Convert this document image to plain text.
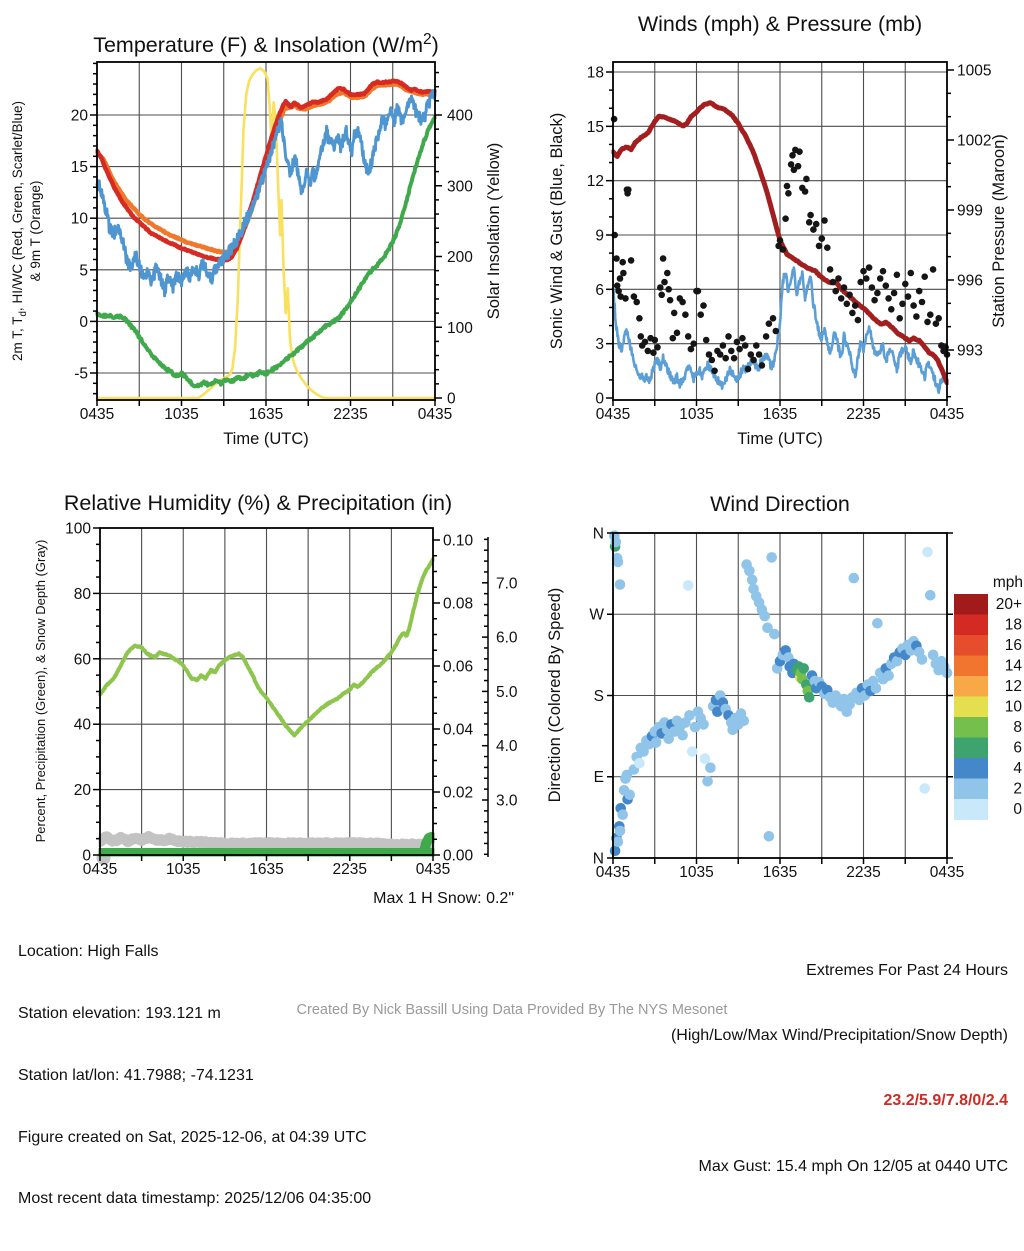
0435	1035	1635	2235	0435
-5
0
5
10
15
20
0
100
200
300
400
Temperature (F) & Insolation $(W/m^2)$
Time (UTC)
2m T, $T_d$, HI/WC (Red, Green, Scarlet/Blue) & 9m T (Orange)	Solar Insolation (Yellow)
0435	1035	1635	2235	0435
0
3
6
9
12
15
18
993
996
999
1002
1005
Winds (mph) & Pressure (mb)
Time (UTC)
Sonic Wind & Gust (Blue, Black)	Station Pressure (Maroon)
0435	1035	1635	2235	0435
0
20
40
60
80
100
0.00
0.02
0.04
0.06
0.08
0.10
3.0
4.0
5.0
6.0
7.0
Relative Humidity (%) & Precipitation (in)
Percent, Precipitation (Green), & Snow Depth (Gray)
0435	1035	1635	2235	0435
N
E
S
W
N
Wind Direction
Direction (Colored By Speed)
mph
20+
18
16
14
12
10
8
6
4
2
0

Location: High Falls

Station elevation: 193.121 m

Station lat/lon: 41.7988; -74.1231

Figure created on Sat, 2025-12-06, at 04:39 UTC

Most recent data timestamp: 2025/12/06 04:35:00

Max 1 H Snow: 0.2"

Extremes For Past 24 Hours

(High/Low/Max Wind/Precipitation/Snow Depth)

23.2/5.9/7.8/0/2.4

Max Gust: 15.4 mph On 12/05 at 0440 UTC

Created By Nick Bassill Using Data Provided By The NYS Mesonet
